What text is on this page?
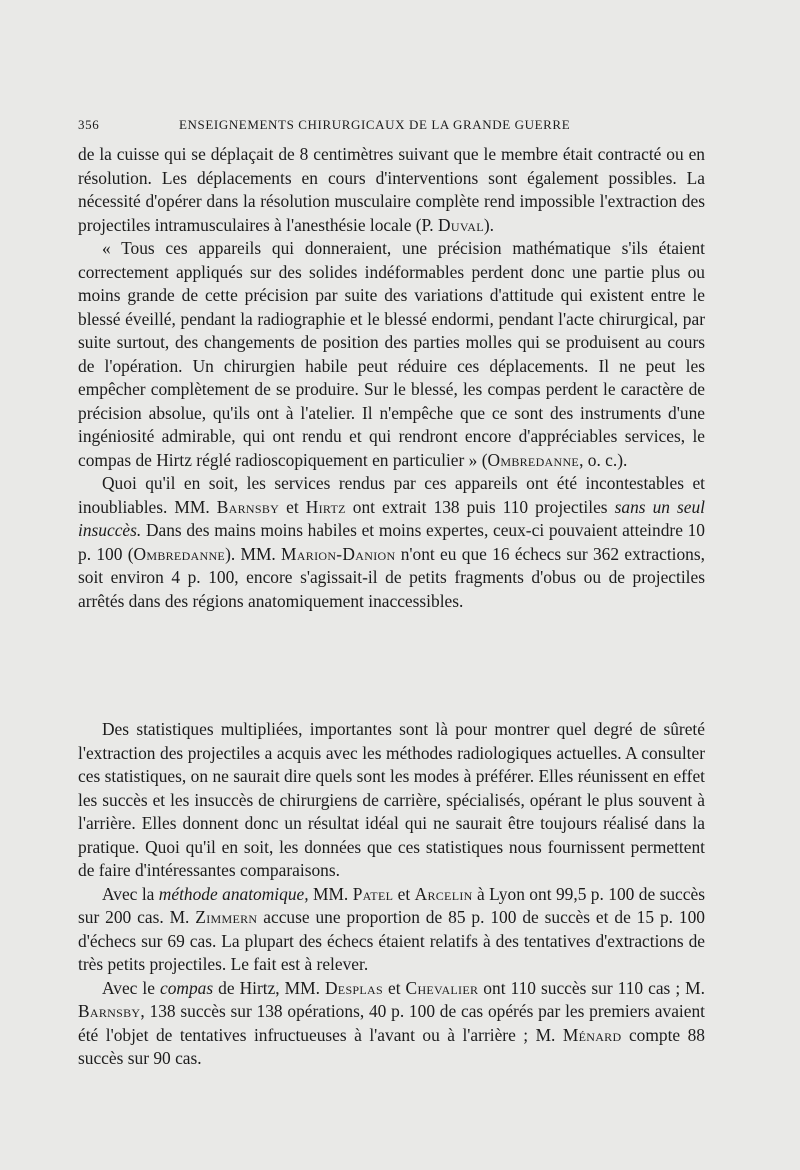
356	ENSEIGNEMENTS CHIRURGICAUX DE LA GRANDE GUERRE

de la cuisse qui se déplaçait de 8 centimètres suivant que le membre était contracté ou en résolution. Les déplacements en cours d'interventions sont également possibles. La nécessité d'opérer dans la résolution musculaire complète rend impossible l'extraction des projectiles intramusculaires à l'anesthésie locale (P. Duval).

« Tous ces appareils qui donneraient, une précision mathématique s'ils étaient correctement appliqués sur des solides indéformables perdent donc une partie plus ou moins grande de cette précision par suite des variations d'attitude qui existent entre le blessé éveillé, pendant la radiographie et le blessé endormi, pendant l'acte chirurgical, par suite surtout, des changements de position des parties molles qui se produisent au cours de l'opération. Un chirurgien habile peut réduire ces déplacements. Il ne peut les empêcher complètement de se produire. Sur le blessé, les compas perdent le caractère de précision absolue, qu'ils ont à l'atelier. Il n'empêche que ce sont des instruments d'une ingéniosité admirable, qui ont rendu et qui rendront encore d'appréciables services, le compas de Hirtz réglé radioscopiquement en particulier » (Ombredanne, o. c.).

Quoi qu'il en soit, les services rendus par ces appareils ont été incontestables et inoubliables. MM. Barnsby et Hirtz ont extrait 138 puis 110 projectiles sans un seul insuccès. Dans des mains moins habiles et moins expertes, ceux-ci pouvaient atteindre 10 p. 100 (Ombredanne). MM. Marion-Danion n'ont eu que 16 échecs sur 362 extractions, soit environ 4 p. 100, encore s'agissait-il de petits fragments d'obus ou de projectiles arrêtés dans des régions anatomiquement inaccessibles.

Des statistiques multipliées, importantes sont là pour montrer quel degré de sûreté l'extraction des projectiles a acquis avec les méthodes radiologiques actuelles. A consulter ces statistiques, on ne saurait dire quels sont les modes à préférer. Elles réunissent en effet les succès et les insuccès de chirurgiens de carrière, spécialisés, opérant le plus souvent à l'arrière. Elles donnent donc un résultat idéal qui ne saurait être toujours réalisé dans la pratique. Quoi qu'il en soit, les données que ces statistiques nous fournissent permettent de faire d'intéressantes comparaisons.

Avec la méthode anatomique, MM. Patel et Arcelin à Lyon ont 99,5 p. 100 de succès sur 200 cas. M. Zimmern accuse une proportion de 85 p. 100 de succès et de 15 p. 100 d'échecs sur 69 cas. La plupart des échecs étaient relatifs à des tentatives d'extractions de très petits projectiles. Le fait est à relever.

Avec le compas de Hirtz, MM. Desplas et Chevalier ont 110 succès sur 110 cas ; M. Barnsby, 138 succès sur 138 opérations, 40 p. 100 de cas opérés par les premiers avaient été l'objet de tentatives infructueuses à l'avant ou à l'arrière ; M. Ménard compte 88 succès sur 90 cas.
